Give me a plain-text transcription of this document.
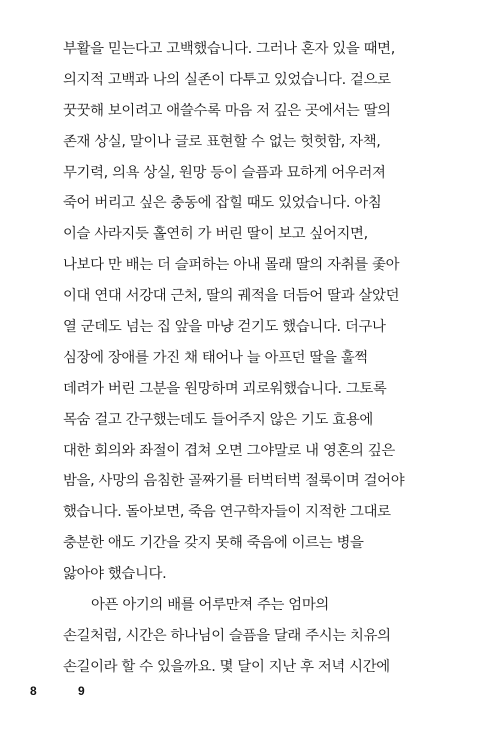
부활을 믿는다고 고백했습니다. 그러나 혼자 있을 때면,
의지적 고백과 나의 실존이 다투고 있었습니다. 겉으로
꿋꿋해 보이려고 애쓸수록 마음 저 깊은 곳에서는 딸의
존재 상실, 말이나 글로 표현할 수 없는 헛헛함, 자책,
무기력, 의욕 상실, 원망 등이 슬픔과 묘하게 어우러져
죽어 버리고 싶은 충동에 잡힐 때도 있었습니다. 아침
이슬 사라지듯 홀연히 가 버린 딸이 보고 싶어지면,
나보다 만 배는 더 슬퍼하는 아내 몰래 딸의 자취를 좇아
이대 연대 서강대 근처, 딸의 궤적을 더듬어 딸과 살았던
열 군데도 넘는 집 앞을 마냥 걷기도 했습니다. 더구나
심장에 장애를 가진 채 태어나 늘 아프던 딸을 훌쩍
데려가 버린 그분을 원망하며 괴로워했습니다. 그토록
목숨 걸고 간구했는데도 들어주지 않은 기도 효용에
대한 회의와 좌절이 겹쳐 오면 그야말로 내 영혼의 깊은
밤을, 사망의 음침한 골짜기를 터벅터벅 절룩이며 걸어야
했습니다. 돌아보면, 죽음 연구학자들이 지적한 그대로
충분한 애도 기간을 갖지 못해 죽음에 이르는 병을
앓아야 했습니다.
아픈 아기의 배를 어루만져 주는 엄마의
손길처럼, 시간은 하나님이 슬픔을 달래 주시는 치유의
손길이라 할 수 있을까요. 몇 달이 지난 후 저녁 시간에
8	9
